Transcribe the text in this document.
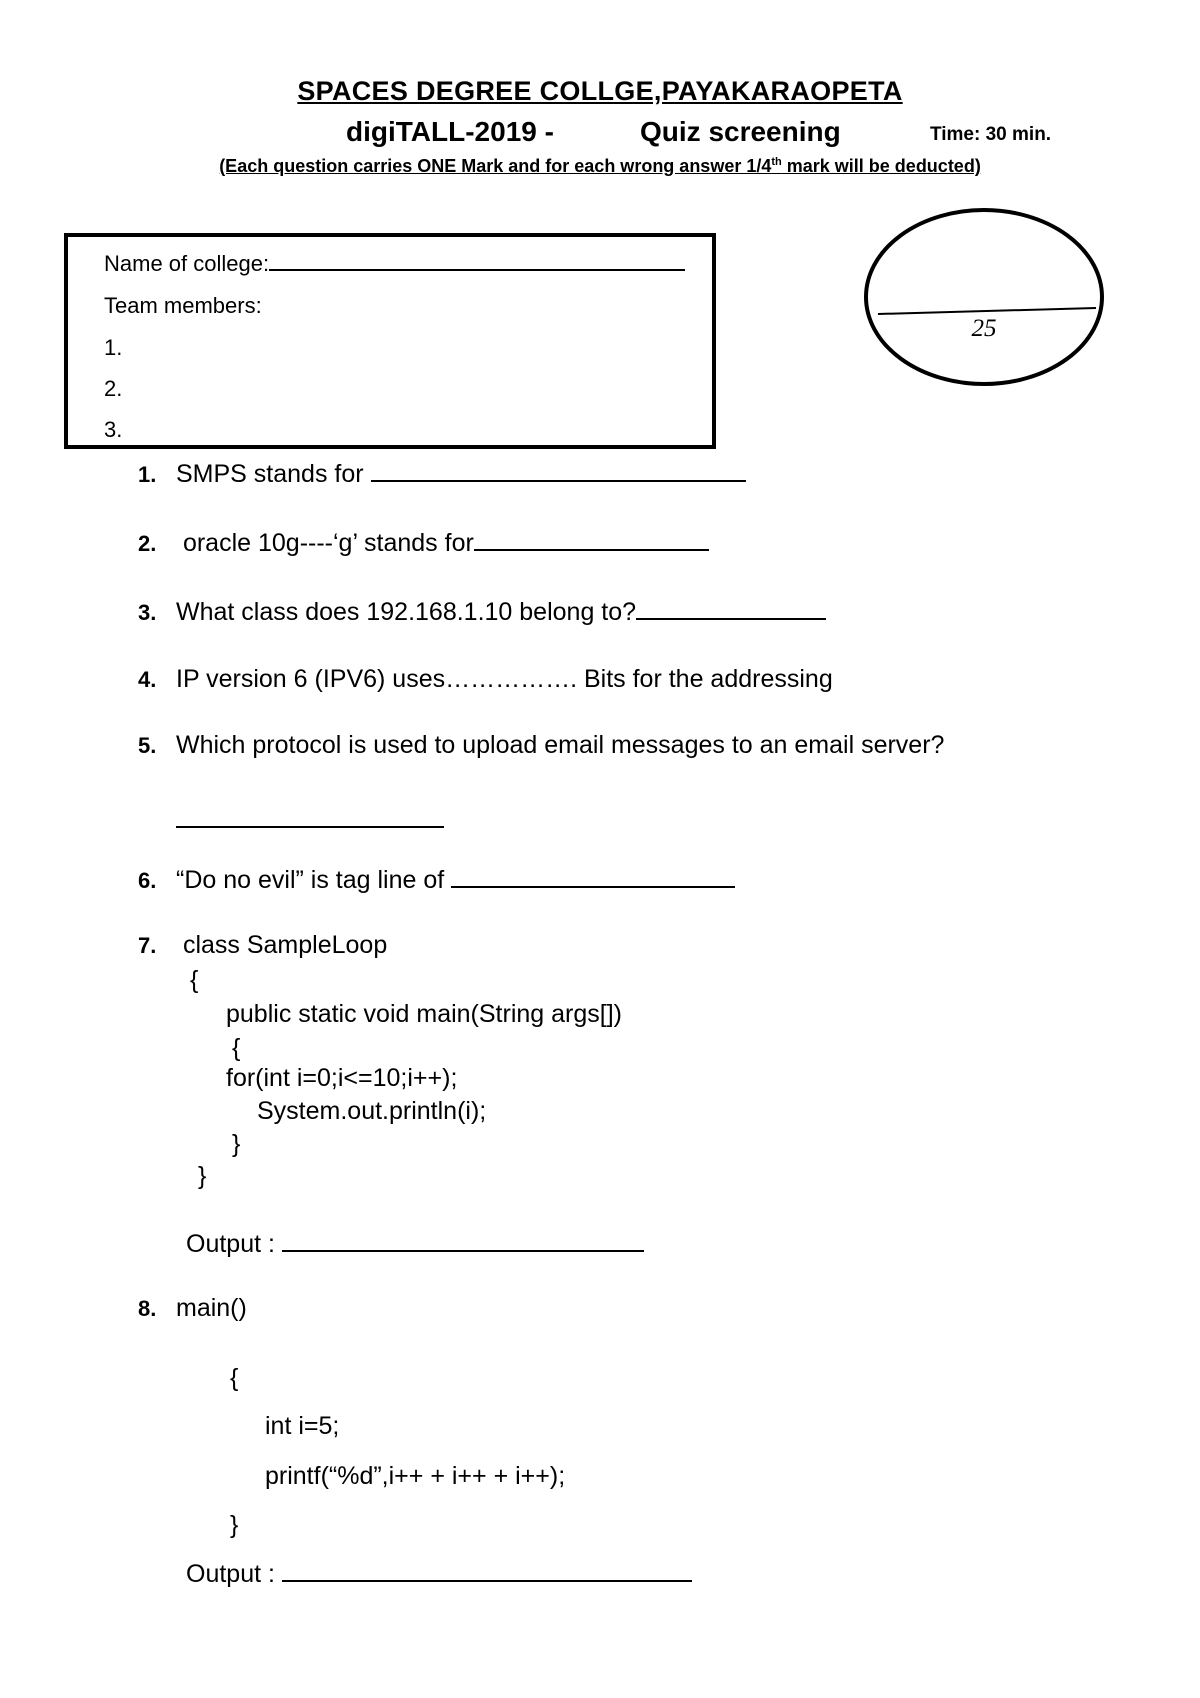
SPACES DEGREE COLLGE,PAYAKARAOPETA
digiTALL-2019 -	Quiz screening	Time: 30 min.
(Each question carries ONE Mark and for each wrong answer 1/4th mark will be deducted)
Name of college:
Team members:
1.
2.
3.
25
1. SMPS stands for
2. oracle 10g----‘g’ stands for
3. What class does 192.168.1.10 belong to?
4. IP version 6 (IPV6) uses……………. Bits for the addressing
5. Which protocol is used to upload email messages to an email server?
6. “Do no evil” is tag line of
7. class SampleLoop
{
public static void main(String args[])
{
for(int i=0;i<=10;i++);
System.out.println(i);
}
}
Output :
8. main()
{
int i=5;
printf(“%d”,i++ + i++ + i++);
}
Output :
